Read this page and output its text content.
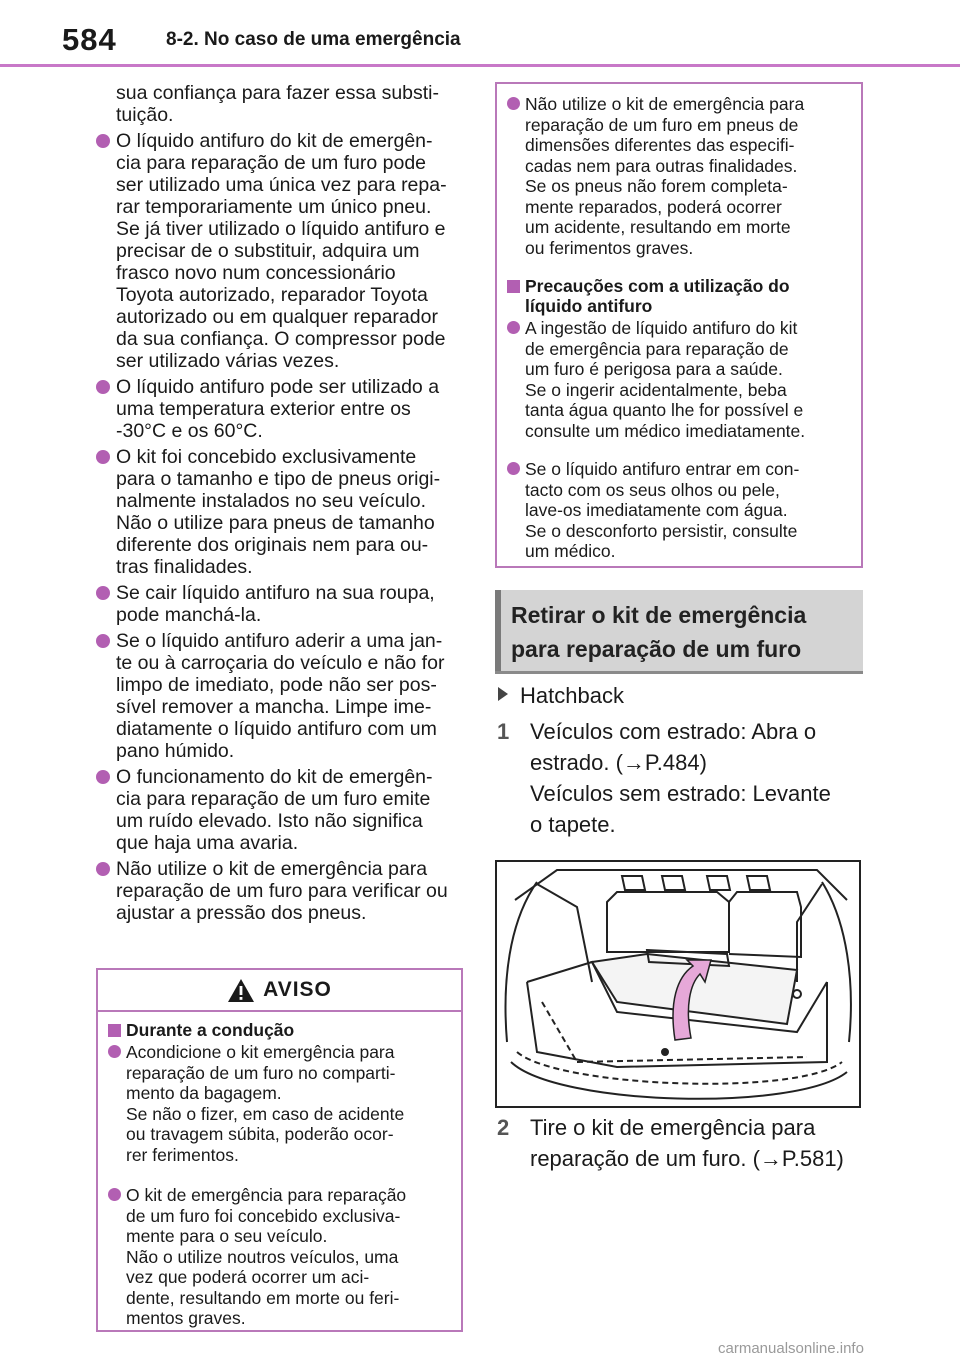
584	8-2. No caso de uma emergência
sua confiança para fazer essa substi-
tuição.
O líquido antifuro do kit de emergên-
cia para reparação de um furo pode
ser utilizado uma única vez para repa-
rar temporariamente um único pneu.
Se já tiver utilizado o líquido antifuro e
precisar de o substituir, adquira um
frasco novo num concessionário
Toyota autorizado, reparador Toyota
autorizado ou em qualquer reparador
da sua confiança. O compressor pode
ser utilizado várias vezes.
O líquido antifuro pode ser utilizado a
uma temperatura exterior entre os
-30°C e os 60°C.
O kit foi concebido exclusivamente
para o tamanho e tipo de pneus origi-
nalmente instalados no seu veículo.
Não o utilize para pneus de tamanho
diferente dos originais nem para ou-
tras finalidades.
Se cair líquido antifuro na sua roupa,
pode manchá-la.
Se o líquido antifuro aderir a uma jan-
te ou à carroçaria do veículo e não for
limpo de imediato, pode não ser pos-
sível remover a mancha. Limpe ime-
diatamente o líquido antifuro com um
pano húmido.
O funcionamento do kit de emergên-
cia para reparação de um furo emite
um ruído elevado. Isto não significa
que haja uma avaria.
Não utilize o kit de emergência para
reparação de um furo para verificar ou
ajustar a pressão dos pneus.
AVISO
Durante a condução
Acondicione o kit emergência para
reparação de um furo no comparti-
mento da bagagem.
Se não o fizer, em caso de acidente
ou travagem súbita, poderão ocor-
rer ferimentos.
O kit de emergência para reparação
de um furo foi concebido exclusiva-
mente para o seu veículo.
Não o utilize noutros veículos, uma
vez que poderá ocorrer um aci-
dente, resultando em morte ou feri-
mentos graves.
Não utilize o kit de emergência para
reparação de um furo em pneus de
dimensões diferentes das especifi-
cadas nem para outras finalidades.
Se os pneus não forem completa-
mente reparados, poderá ocorrer
um acidente, resultando em morte
ou ferimentos graves.
Precauções com a utilização do
líquido antifuro
A ingestão de líquido antifuro do kit
de emergência para reparação de
um furo é perigosa para a saúde.
Se o ingerir acidentalmente, beba
tanta água quanto lhe for possível e
consulte um médico imediatamente.
Se o líquido antifuro entrar em con-
tacto com os seus olhos ou pele,
lave-os imediatamente com água.
Se o desconforto persistir, consulte
um médico.
Retirar o kit de emergência para reparação de um furo
Hatchback
1 Veículos com estrado: Abra o
estrado. (→P.484)
Veículos sem estrado: Levante
o tapete.
2 Tire o kit de emergência para
reparação de um furo. (→P.581)
carmanualsonline.info
